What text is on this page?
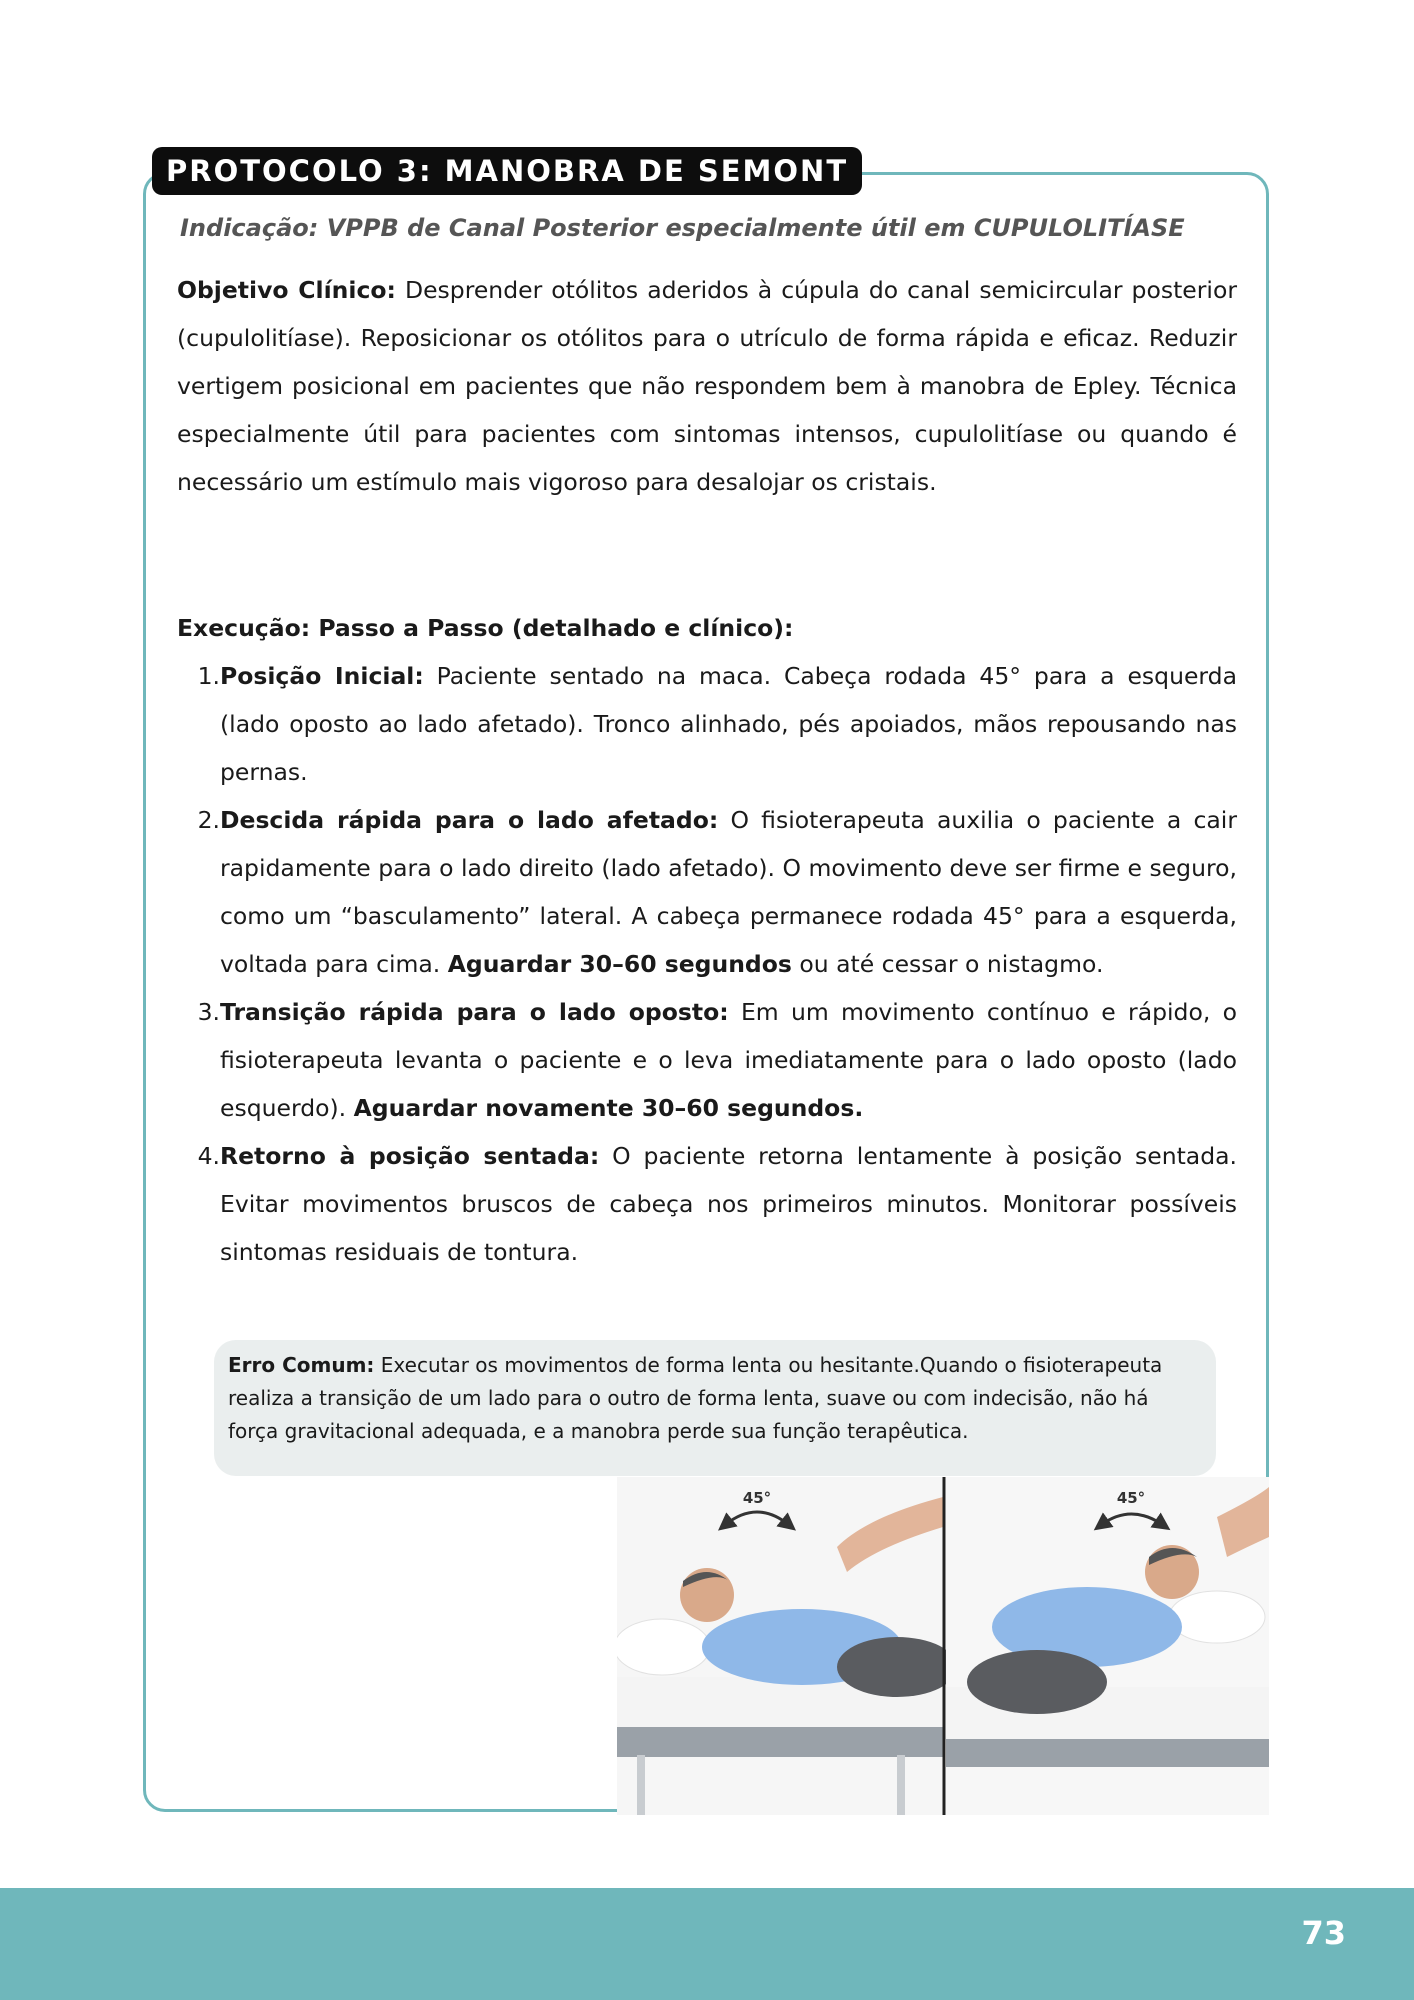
PROTOCOLO 3: MANOBRA DE SEMONT
Indicação: VPPB de Canal Posterior especialmente útil em CUPULOLITÍASE
Objetivo Clínico: Desprender otólitos aderidos à cúpula do canal semicircular posterior (cupulolitíase). Reposicionar os otólitos para o utrículo de forma rápida e eficaz. Reduzir vertigem posicional em pacientes que não respondem bem à manobra de Epley. Técnica especialmente útil para pacientes com sintomas intensos, cupulolitíase ou quando é necessário um estímulo mais vigoroso para desalojar os cristais.
Execução: Passo a Passo (detalhado e clínico):
1. Posição Inicial: Paciente sentado na maca. Cabeça rodada 45° para a esquerda (lado oposto ao lado afetado). Tronco alinhado, pés apoiados, mãos repousando nas pernas.
2. Descida rápida para o lado afetado: O fisioterapeuta auxilia o paciente a cair rapidamente para o lado direito (lado afetado). O movimento deve ser firme e seguro, como um “basculamento” lateral. A cabeça permanece rodada 45° para a esquerda, voltada para cima. Aguardar 30–60 segundos ou até cessar o nistagmo.
3. Transição rápida para o lado oposto: Em um movimento contínuo e rápido, o fisioterapeuta levanta o paciente e o leva imediatamente para o lado oposto (lado esquerdo). Aguardar novamente 30–60 segundos.
4. Retorno à posição sentada: O paciente retorna lentamente à posição sentada. Evitar movimentos bruscos de cabeça nos primeiros minutos. Monitorar possíveis sintomas residuais de tontura.
Erro Comum: Executar os movimentos de forma lenta ou hesitante.Quando o fisioterapeuta realiza a transição de um lado para o outro de forma lenta, suave ou com indecisão, não há força gravitacional adequada, e a manobra perde sua função terapêutica.
45°	45°
73
